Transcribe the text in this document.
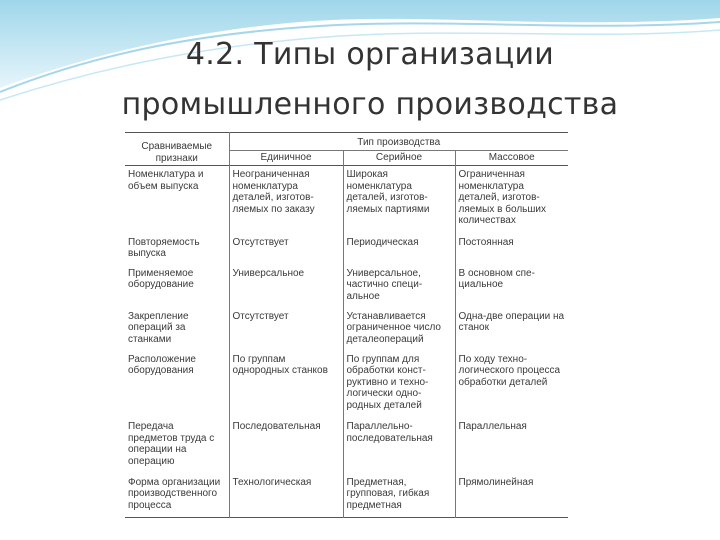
4.2. Типы организации
промышленного производства
Сравниваемые признаки	Тип производства		
	Единичное	Серийное	Массовое
Номенклатура и объем выпуска	Неограниченная номенклатура деталей, изготовляемых по заказу	Широкая номенклатура деталей, изготовляемых партиями	Ограниченная номенклатура деталей, изготовляемых в больших количествах
Повторяемость выпуска	Отсутствует	Периодическая	Постоянная
Применяемое оборудование	Универсальное	Универсальное, частично специальное	В основном специальное
Закрепление операций за станками	Отсутствует	Устанавливается ограниченное число деталеопераций	Одна-две операции на станок
Расположение оборудования	По группам однородных станков	По группам для обработки конструктивно и технологически однородных деталей	По ходу технологического процесса обработки деталей
Передача предметов труда с операции на операцию	Последовательная	Параллельно-последовательная	Параллельная
Форма организации производственного процесса	Технологическая	Предметная, групповая, гибкая предметная	Прямолинейная
